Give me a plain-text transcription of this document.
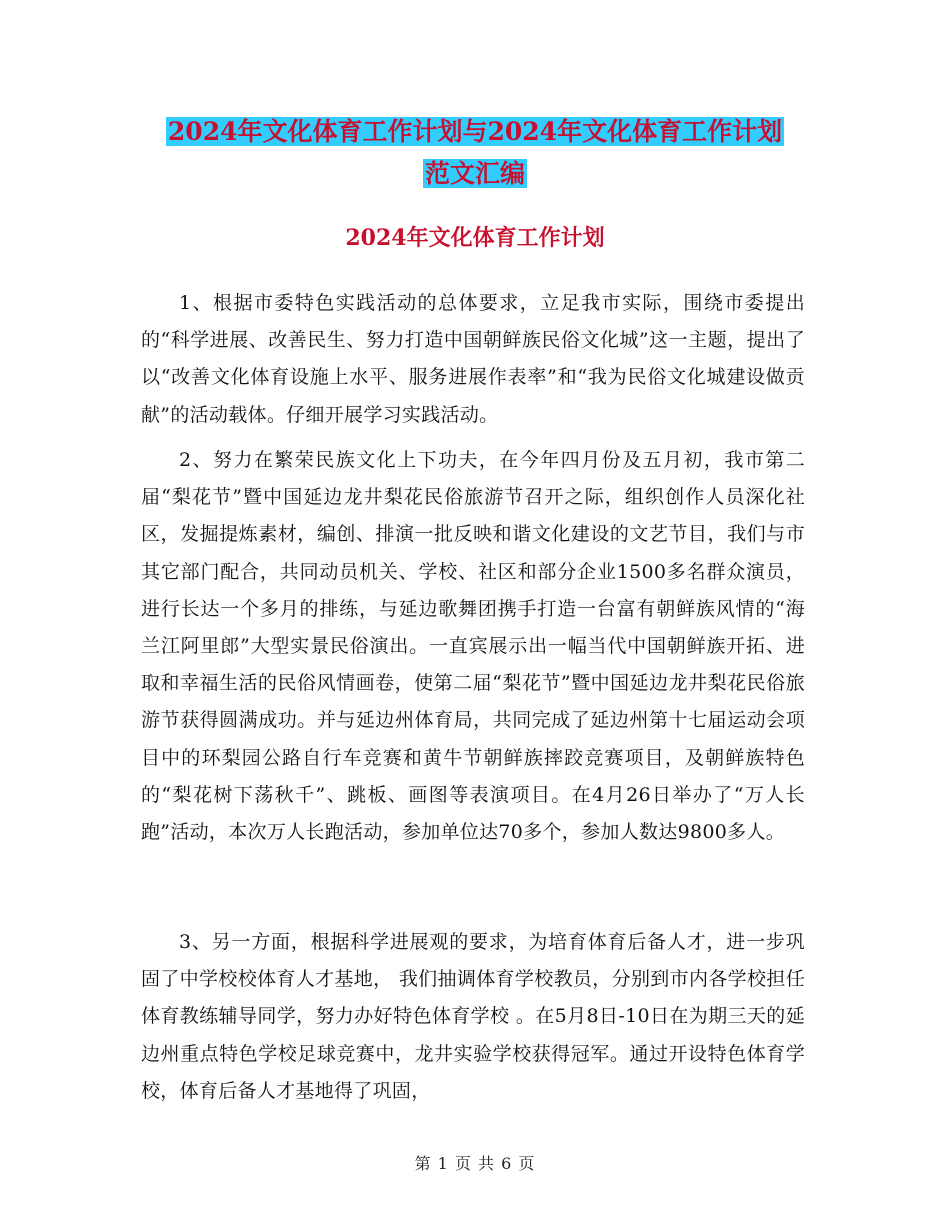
2024年文化体育工作计划与2024年文化体育工作计划
范文汇编
2024年文化体育工作计划

1、根据市委特色实践活动的总体要求，立足我市实际，围绕市委提出的“科学进展、改善民生、努力打造中国朝鲜族民俗文化城”这一主题，提出了以“改善文化体育设施上水平、服务进展作表率”和“我为民俗文化城建设做贡献”的活动载体。仔细开展学习实践活动。

2、努力在繁荣民族文化上下功夫，在今年四月份及五月初，我市第二届“梨花节”暨中国延边龙井梨花民俗旅游节召开之际，组织创作人员深化社区，发掘提炼素材，编创、排演一批反映和谐文化建设的文艺节目，我们与市其它部门配合，共同动员机关、学校、社区和部分企业1500多名群众演员，进行长达一个多月的排练，与延边歌舞团携手打造一台富有朝鲜族风情的“海兰江阿里郎”大型实景民俗演出。一直宾展示出一幅当代中国朝鲜族开拓、进取和幸福生活的民俗风情画卷，使第二届“梨花节”暨中国延边龙井梨花民俗旅游节获得圆满成功。并与延边州体育局，共同完成了延边州第十七届运动会项目中的环梨园公路自行车竞赛和黄牛节朝鲜族摔跤竞赛项目，及朝鲜族特色的“梨花树下荡秋千”、跳板、画图等表演项目。在4月26日举办了“万人长跑”活动，本次万人长跑活动，参加单位达70多个，参加人数达9800多人。

3、另一方面，根据科学进展观的要求，为培育体育后备人才，进一步巩固了中学校校体育人才基地， 我们抽调体育学校教员，分别到市内各学校担任体育教练辅导同学，努力办好特色体育学校 。在5月8日-10日在为期三天的延边州重点特色学校足球竞赛中，龙井实验学校获得冠军。通过开设特色体育学校，体育后备人才基地得了巩固，

第 1 页 共 6 页
